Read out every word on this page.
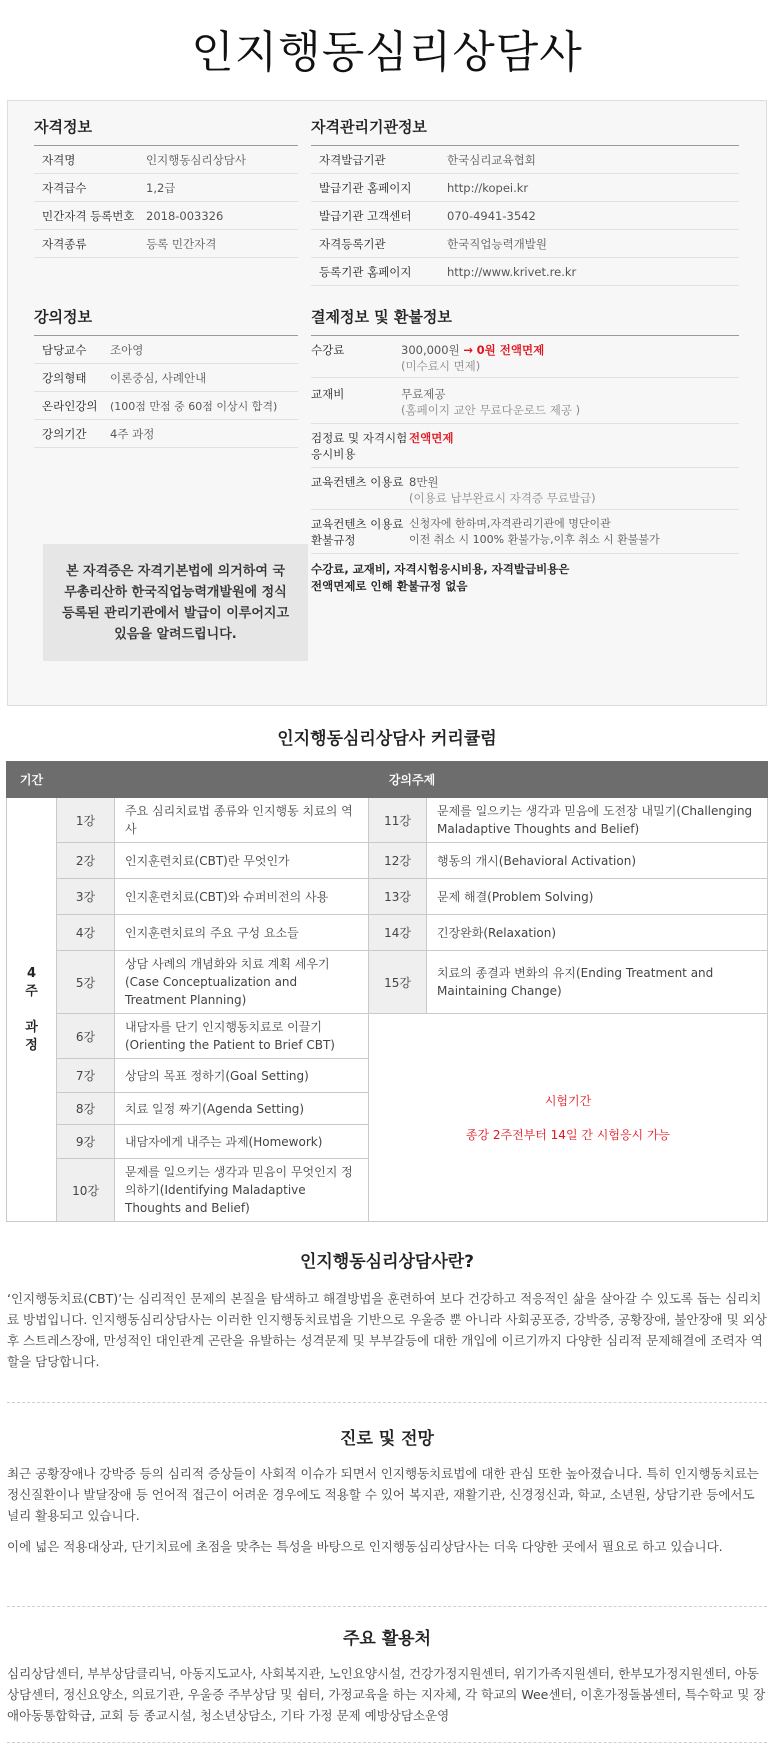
인지행동심리상담사
자격정보
자격명	인지행동심리상담사
자격급수	1,2급
민간자격 등록번호 2018-003326
자격종류	등록 민간자격
자격관리기관정보
자격발급기관	한국심리교육협회
발급기관 홈페이지	http://kopei.kr
발급기관 고객센터	070-4941-3542
자격등록기관	한국직업능력개발원
등록기관 홈페이지	http://www.krivet.re.kr
강의정보
담당교수	조아영
강의형태	이론중심, 사례안내
온라인강의	(100점 만점 중 60점 이상시 합격)
강의기간	4주 과정
본 자격증은 자격기본법에 의거하여 국무총리산하 한국직업능력개발원에 정식 등록된 관리기관에서 발급이 이루어지고 있음을 알려드립니다.
결제정보 및 환불정보
수강료	300,000원 → 0원 전액면제
(미수료시 면제)
교재비	무료제공
(홈페이지 교안 무료다운로드 제공 )
검정료 및 자격시험 응시비용
전액면제
교육컨텐츠 이용료 8만원
(이용료 납부완료시 자격증 무료발급)
교육컨텐츠 이용료 환불규정
신청자에 한하며,자격관리기관에 명단이관
이전 취소 시 100% 환불가능,이후 취소 시 환불불가
수강료, 교재비, 자격시험응시비용, 자격발급비용은 전액면제로 인해 환불규정 없음
인지행동심리상담사 커리큘럼
기간	강의주제			
4
주

과
정	1강	주요 심리치료법 종류와 인지행동 치료의 역사	11강	문제를 일으키는 생각과 믿음에 도전장 내밀기(Challenging Maladaptive Thoughts and Belief)
	2강	인지훈련치료(CBT)란 무엇인가	12강	행동의 개시(Behavioral Activation)
	3강	인지훈련치료(CBT)와 슈퍼비전의 사용	13강	문제 해결(Problem Solving)
	4강	인지훈련치료의 주요 구성 요소들	14강	긴장완화(Relaxation)
	5강	상담 사례의 개념화와 치료 계획 세우기(Case Conceptualization and Treatment Planning)	15강	치료의 종결과 변화의 유지(Ending Treatment and Maintaining Change)
	6강	내담자를 단기 인지행동치료로 이끌기(Orienting the Patient to Brief CBT)	시험기간
종강 2주전부터 14일 간 시험응시 가능	
	7강	상담의 목표 정하기(Goal Setting)		
	8강	치료 일정 짜기(Agenda Setting)		
	9강	내담자에게 내주는 과제(Homework)		
	10강	문제를 일으키는 생각과 믿음이 무엇인지 정의하기(Identifying Maladaptive Thoughts and Belief)		
인지행동심리상담사란?

‘인지행동치료(CBT)’는 심리적인 문제의 본질을 탐색하고 해결방법을 훈련하여 보다 건강하고 적응적인 삶을 살아갈 수 있도록 돕는 심리치료 방법입니다. 인지행동심리상담사는 이러한 인지행동치료법을 기반으로 우울증 뿐 아니라 사회공포증, 강박증, 공황장애, 불안장애 및 외상 후 스트레스장애, 만성적인 대인관계 곤란을 유발하는 성격문제 및 부부갈등에 대한 개입에 이르기까지 다양한 심리적 문제해결에 조력자 역할을 담당합니다.

진로 및 전망

최근 공황장애나 강박증 등의 심리적 증상들이 사회적 이슈가 되면서 인지행동치료법에 대한 관심 또한 높아졌습니다. 특히 인지행동치료는 정신질환이나 발달장애 등 언어적 접근이 어려운 경우에도 적용할 수 있어 복지관, 재활기관, 신경정신과, 학교, 소년원, 상담기관 등에서도 널리 활용되고 있습니다.

이에 넓은 적용대상과, 단기치료에 초점을 맞추는 특성을 바탕으로 인지행동심리상담사는 더욱 다양한 곳에서 필요로 하고 있습니다.

주요 활용처

심리상담센터, 부부상담클리닉, 아동지도교사, 사회복지관, 노인요양시설, 건강가정지원센터, 위기가족지원센터, 한부모가정지원센터, 아동상담센터, 정신요양소, 의료기관, 우울증 주부상담 및 쉼터, 가정교육을 하는 지자체, 각 학교의 Wee센터, 이혼가정돌봄센터, 특수학교 및 장애아동통합학급, 교회 등 종교시설, 청소년상담소, 기타 가정 문제 예방상담소운영
